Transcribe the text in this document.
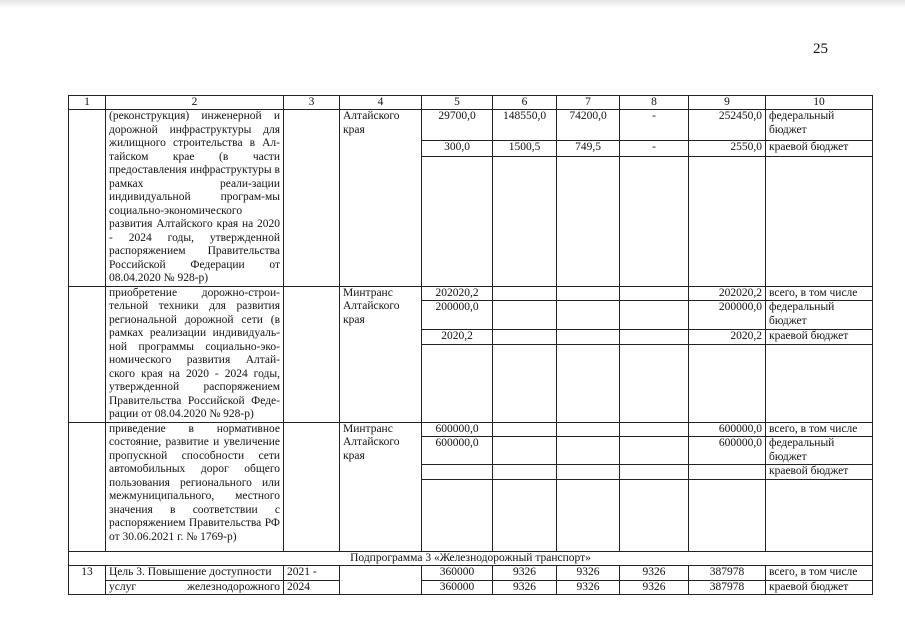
25
1	2	3	4	5	6	7	8	9	10
	(реконструкция) инженерной и дорожной инфраструктуры для жилищного строительства в Ал-тайском крае (в части предоставления инфраструктуры в рамках реали-зации индивидуальной програм-мы социально-экономического развития Алтайского края на 2020 - 2024 годы, утвержденной распоряжением Правительства Российской Федерации от 08.04.2020 № 928-р)		Алтайского края	29700,0	148550,0	74200,0	-	252450,0	федеральный бюджет
				300,0	1500,5	749,5	-	2550,0	краевой бюджет

	приобретение дорожно-строи-тельной техники для развития региональной дорожной сети (в рамках реализации индивидуаль-ной программы социально-эко-номического развития Алтай-ского края на 2020 - 2024 годы, утвержденной распоряжением Правительства Российской Феде-рации от 08.04.2020 № 928-р)		Минтранс Алтайского края	202020,2				202020,2	всего, в том числе
				200000,0				200000,0	федеральный бюджет
				2020,2				2020,2	краевой бюджет

	приведение в нормативное состояние, развитие и увеличение пропускной способности сети автомобильных дорог общего пользования регионального или межмуниципального, местного значения в соответствии с распоряжением Правительства РФ от 30.06.2021 г. № 1769-р)		Минтранс Алтайского края	600000,0				600000,0	всего, в том числе
				600000,0				600000,0	федеральный бюджет
									краевой бюджет

Подпрограмма 3 «Железнодорожный транспорт»									
13	Цель 3. Повышение доступности	2021 -		360000	9326	9326	9326	387978	всего, в том числе
	услуг железнодорожного	2024		360000	9326	9326	9326	387978	краевой бюджет
